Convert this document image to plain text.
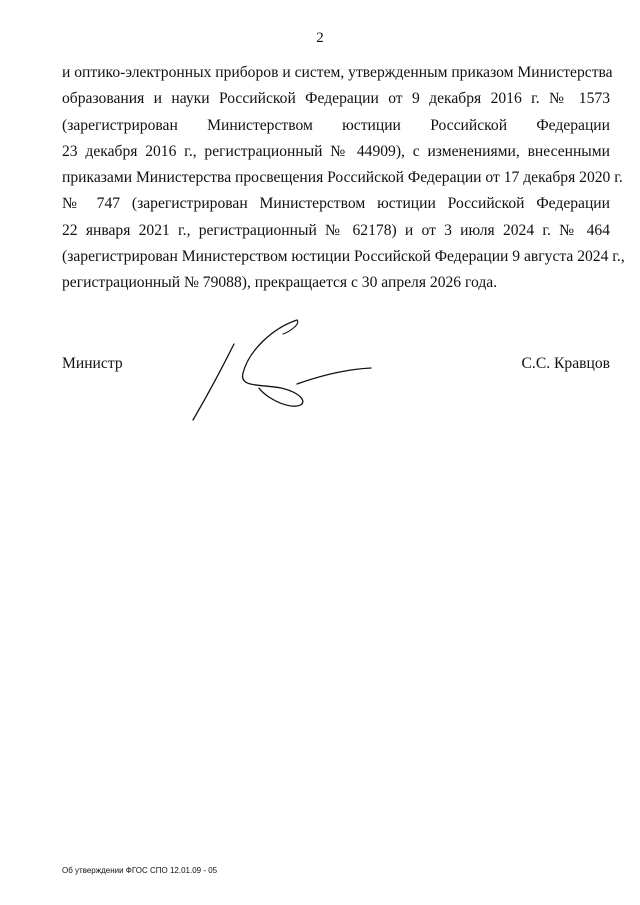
2
и оптико-электронных приборов и систем, утвержденным приказом Министерства
образования и науки Российской Федерации от 9 декабря 2016 г. № 1573
(зарегистрирован Министерством юстиции Российской Федерации
23 декабря 2016 г., регистрационный № 44909), с изменениями, внесенными
приказами Министерства просвещения Российской Федерации от 17 декабря 2020 г.
№ 747 (зарегистрирован Министерством юстиции Российской Федерации
22 января 2021 г., регистрационный № 62178) и от 3 июля 2024 г. № 464
(зарегистрирован Министерством юстиции Российской Федерации 9 августа 2024 г.,
регистрационный № 79088), прекращается с 30 апреля 2026 года.
Министр	С.С. Кравцов
Об утверждении ФГОС СПО 12.01.09 - 05
